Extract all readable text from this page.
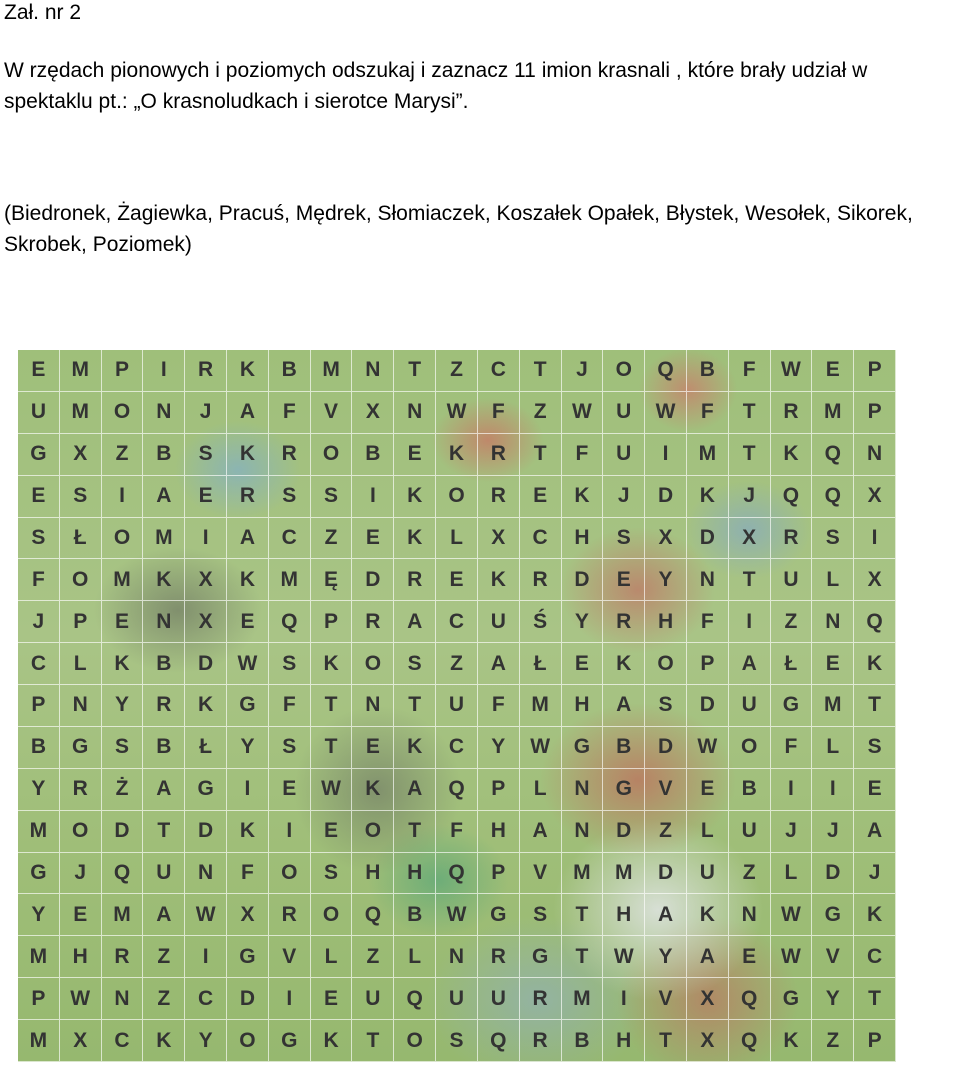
Zał. nr 2
W rzędach pionowych i poziomych odszukaj i zaznacz 11 imion krasnali , które brały udział w spektaklu pt.: „O krasnoludkach i sierotce Marysi”.
(Biedronek, Żagiewka, Pracuś, Mędrek, Słomiaczek, Koszałek Opałek, Błystek, Wesołek, Sikorek, Skrobek, Poziomek)
E	M	P	I	R	K	B	M	N	T	Z	C	T	J	O	Q	B	F	W	E	P
U	M	O	N	J	A	F	V	X	N	W	F	Z	W	U	W	F	T	R	M	P
G	X	Z	B	S	K	R	O	B	E	K	R	T	F	U	I	M	T	K	Q	N
E	S	I	A	E	R	S	S	I	K	O	R	E	K	J	D	K	J	Q	Q	X
S	Ł	O	M	I	A	C	Z	E	K	L	X	C	H	S	X	D	X	R	S	I
F	O	M	K	X	K	M	Ę	D	R	E	K	R	D	E	Y	N	T	U	L	X
J	P	E	N	X	E	Q	P	R	A	C	U	Ś	Y	R	H	F	I	Z	N	Q
C	L	K	B	D	W	S	K	O	S	Z	A	Ł	E	K	O	P	A	Ł	E	K
P	N	Y	R	K	G	F	T	N	T	U	F	M	H	A	S	D	U	G	M	T
B	G	S	B	Ł	Y	S	T	E	K	C	Y	W	G	B	D	W	O	F	L	S
Y	R	Ż	A	G	I	E	W	K	A	Q	P	L	N	G	V	E	B	I	I	E
M	O	D	T	D	K	I	E	O	T	F	H	A	N	D	Z	L	U	J	J	A
G	J	Q	U	N	F	O	S	H	H	Q	P	V	M	M	D	U	Z	L	D	J
Y	E	M	A	W	X	R	O	Q	B	W	G	S	T	H	A	K	N	W	G	K
M	H	R	Z	I	G	V	L	Z	L	N	R	G	T	W	Y	A	E	W	V	C
P	W	N	Z	C	D	I	E	U	Q	U	U	R	M	I	V	X	Q	G	Y	T
M	X	C	K	Y	O	G	K	T	O	S	Q	R	B	H	T	X	Q	K	Z	P
